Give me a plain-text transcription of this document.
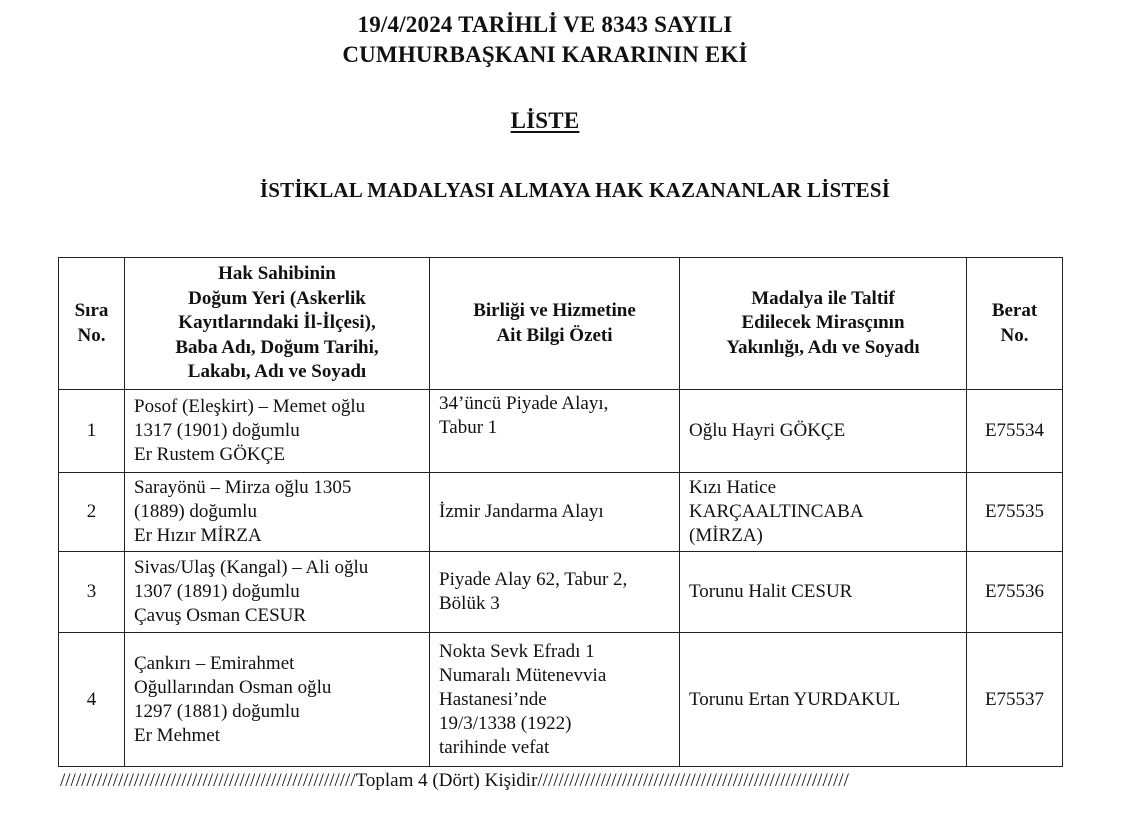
19/4/2024 TARİHLİ VE 8343 SAYILI
CUMHURBAŞKANI KARARININ EKİ
LİSTE
İSTİKLAL MADALYASI ALMAYA HAK KAZANANLAR LİSTESİ
Sıra
No.	Hak Sahibinin
Doğum Yeri (Askerlik
Kayıtlarındaki İl-İlçesi),
Baba Adı, Doğum Tarihi,
Lakabı, Adı ve Soyadı	Birliği ve Hizmetine
Ait Bilgi Özeti	Madalya ile Taltif
Edilecek Mirasçının
Yakınlığı, Adı ve Soyadı	Berat
No.

1	Posof (Eleşkirt) – Memet oğlu
1317 (1901) doğumlu
Er Rustem GÖKÇE	34’üncü Piyade Alayı,
Tabur 1	Oğlu Hayri GÖKÇE	E75534
2	Sarayönü – Mirza oğlu 1305
(1889) doğumlu
Er Hızır MİRZA	İzmir Jandarma Alayı	Kızı Hatice
KARÇAALTINCABA
(MİRZA)	E75535
3	Sivas/Ulaş (Kangal) – Ali oğlu
1307 (1891) doğumlu
Çavuş Osman CESUR	Piyade Alay 62, Tabur 2,
Bölük 3	Torunu Halit CESUR	E75536
4	Çankırı – Emirahmet
Oğullarından Osman oğlu
1297 (1881) doğumlu
Er Mehmet	Nokta Sevk Efradı 1
Numaralı Mütenevvia
Hastanesi’nde
19/3/1338 (1922)
tarihinde vefat	Torunu Ertan YURDAKUL	E75537
////////////////////////////////////////////////////////Toplam 4 (Dört) Kişidir///////////////////////////////////////////////////////////
